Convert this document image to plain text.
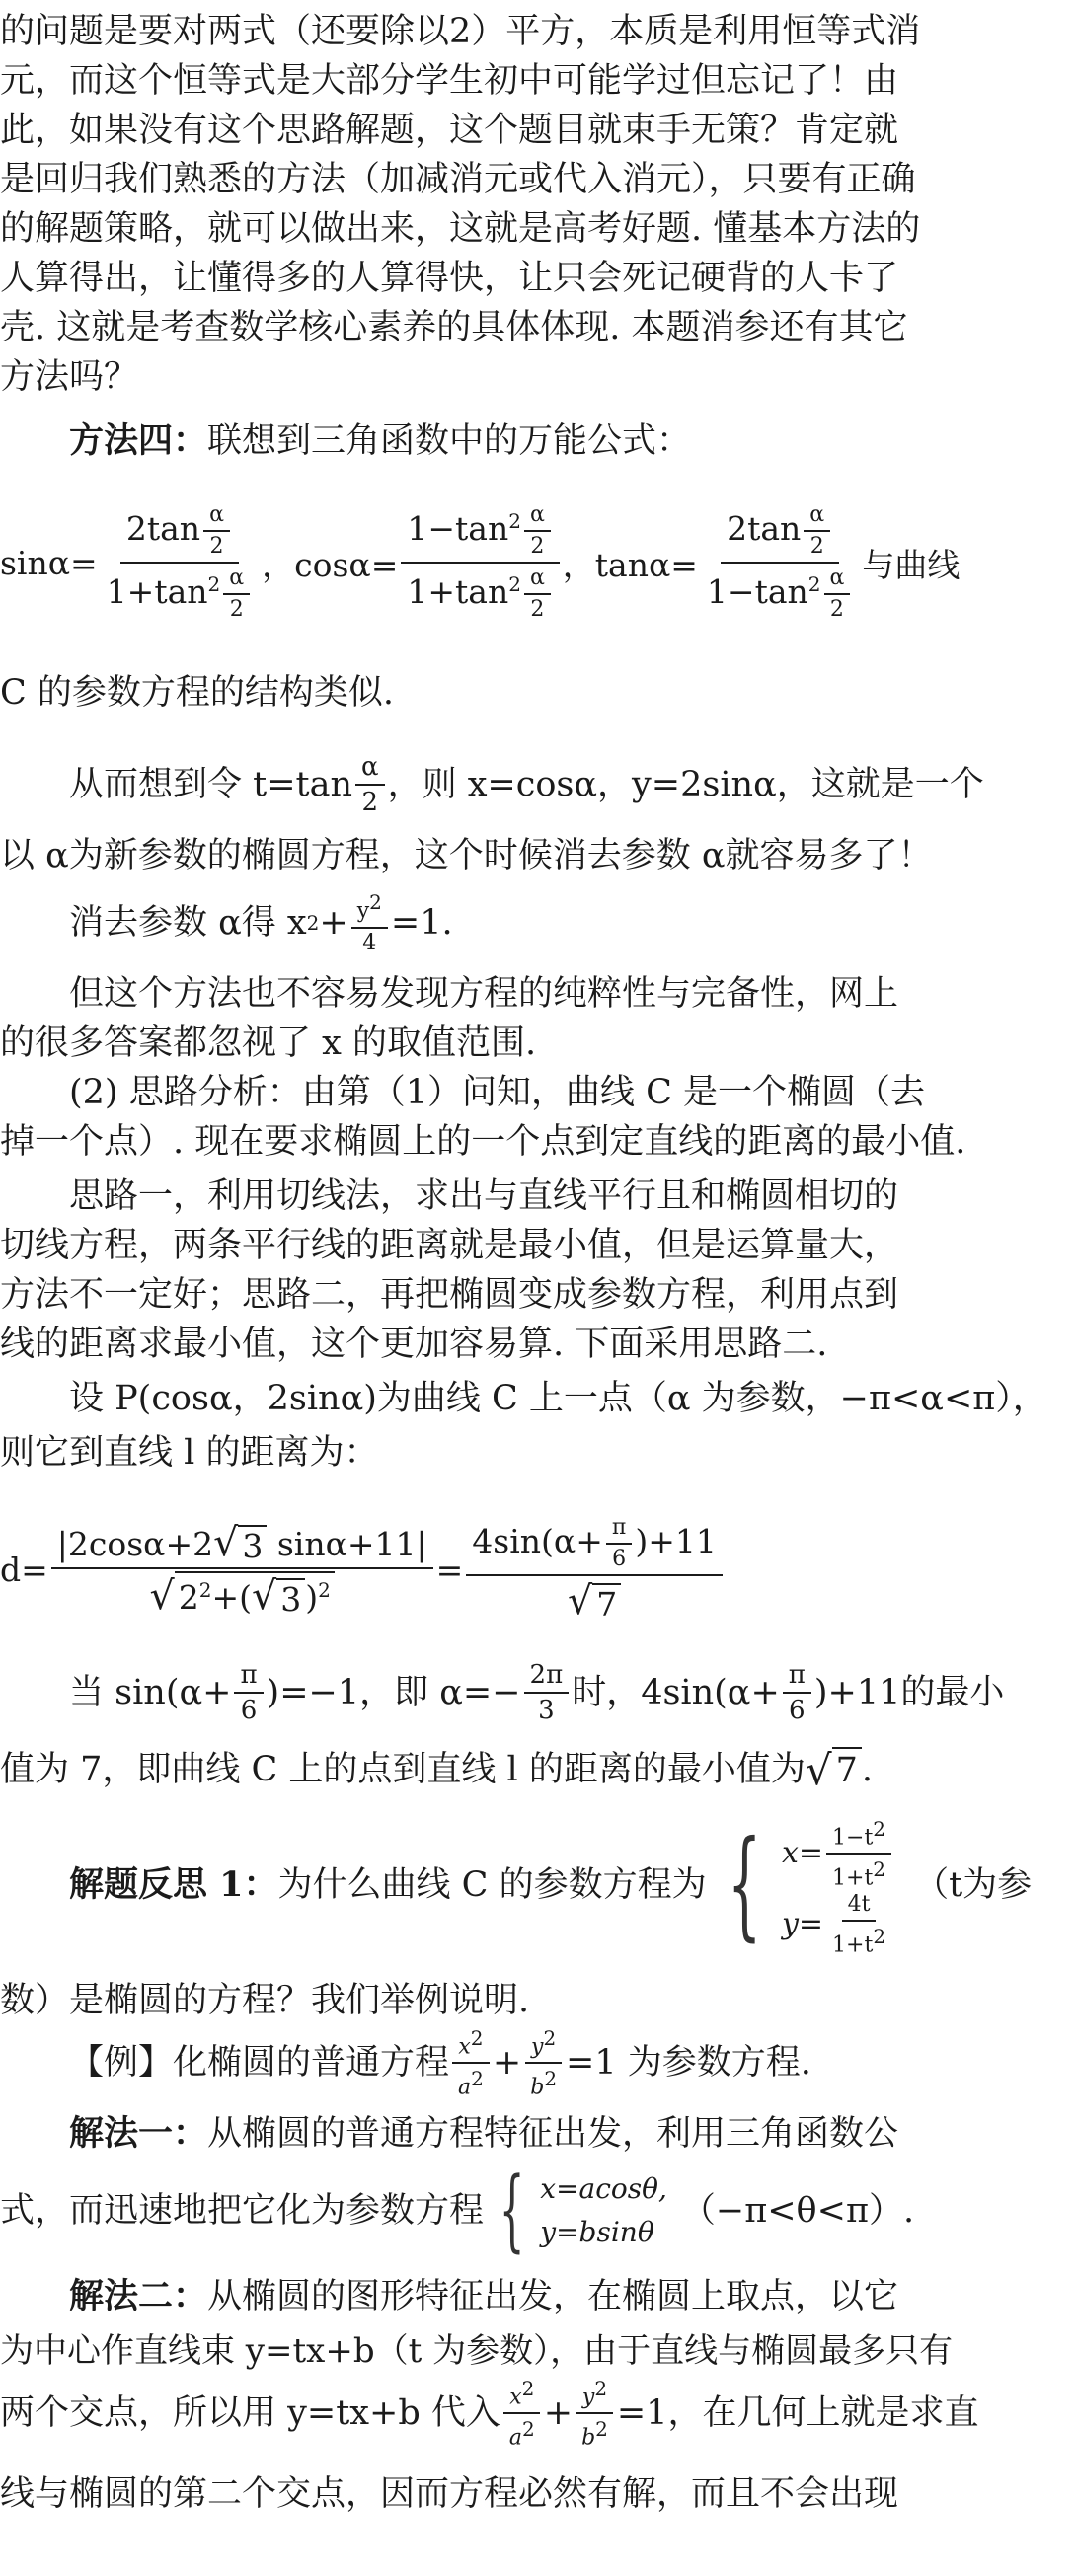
的问题是要对两式（还要除以2）平方，本质是利用恒等式消
元，而这个恒等式是大部分学生初中可能学过但忘记了！由
此，如果没有这个思路解题，这个题目就束手无策？肯定就
是回归我们熟悉的方法（加减消元或代入消元），只要有正确
的解题策略，就可以做出来，这就是高考好题. 懂基本方法的
人算得出，让懂得多的人算得快，让只会死记硬背的人卡了
壳. 这就是考查数学核心素养的具体体现. 本题消参还有其它
方法吗？
方法四：联想到三角函数中的万能公式：
$\sin\alpha= \frac{2\tan \frac{\alpha}{2}}{1+\tan^2 \frac{\alpha}{2}}$ ，$\cos\alpha= \frac{1-\tan^2 \frac{\alpha}{2}}{1+\tan^2 \frac{\alpha}{2}}$ ，$\tan\alpha= \frac{2\tan \frac{\alpha}{2}}{1-\tan^2 \frac{\alpha}{2}}$ 与曲线
C 的参数方程的结构类似.
从而想到令 $t=\tan \frac{\alpha}{2}$ ，则 x=cosα，y=2sinα，这就是一个
以 α为新参数的椭圆方程，这个时候消去参数 α就容易多了！
消去参数 α得 x $2 + \frac{y2}{4} =1$.
但这个方法也不容易发现方程的纯粹性与完备性，网上
的很多答案都忽视了 x 的取值范围.
(2) 思路分析：由第（1）问知，曲线 C 是一个椭圆（去
掉一个点）. 现在要求椭圆上的一个点到定直线的距离的最小值.
思路一，利用切线法，求出与直线平行且和椭圆相切的
切线方程，两条平行线的距离就是最小值，但是运算量大，
方法不一定好；思路二，再把椭圆变成参数方程，利用点到
线的距离求最小值，这个更加容易算. 下面采用思路二.
设 P(cosα，2sinα)为曲线 C 上一点（α 为参数，−π<α<π），
则它到直线 l 的距离为：
$d= \frac{|2\cos\alpha+2 √ 3 \sin\alpha+11|}{√ 2^2+( √ 3 )^2} = \frac{4\sin(\alpha+ \frac{\pi}{6} )+11}{√ 7}$
当 $\sin(\alpha+ \frac{\pi}{6} )=-1$，即 $\alpha=- \frac{2\pi}{3}$ 时，$4\sin(\alpha+ \frac{\pi}{6} )+11$的最小
值为 7，即曲线 C 上的点到直线 l 的距离的最小值为 √ 7 .
解题反思 1： 为什么曲线 C 的参数方程为 { $x= \frac{1-t2}{1+t2}$
$y= \frac{4t}{1+t2}$
（t为参
数）是椭圆的方程？我们举例说明.
【例】 化椭圆的普通方程 $\frac{x2}{a2} + \frac{y2}{b2} =1$ 为参数方程.
解法一：从椭圆的普通方程特征出发，利用三角函数公
式，而迅速地把它化为参数方程 { x=acosθ,
y=bsinθ
（−π<θ<π）.
解法二：从椭圆的图形特征出发，在椭圆上取点，以它
为中心作直线束 y=tx+b（t 为参数），由于直线与椭圆最多只有
两个交点，所以用 y=tx+b 代入 $\frac{x2}{a2} + \frac{y2}{b2} =1$，在几何上就是求直
线与椭圆的第二个交点，因而方程必然有解，而且不会出现
